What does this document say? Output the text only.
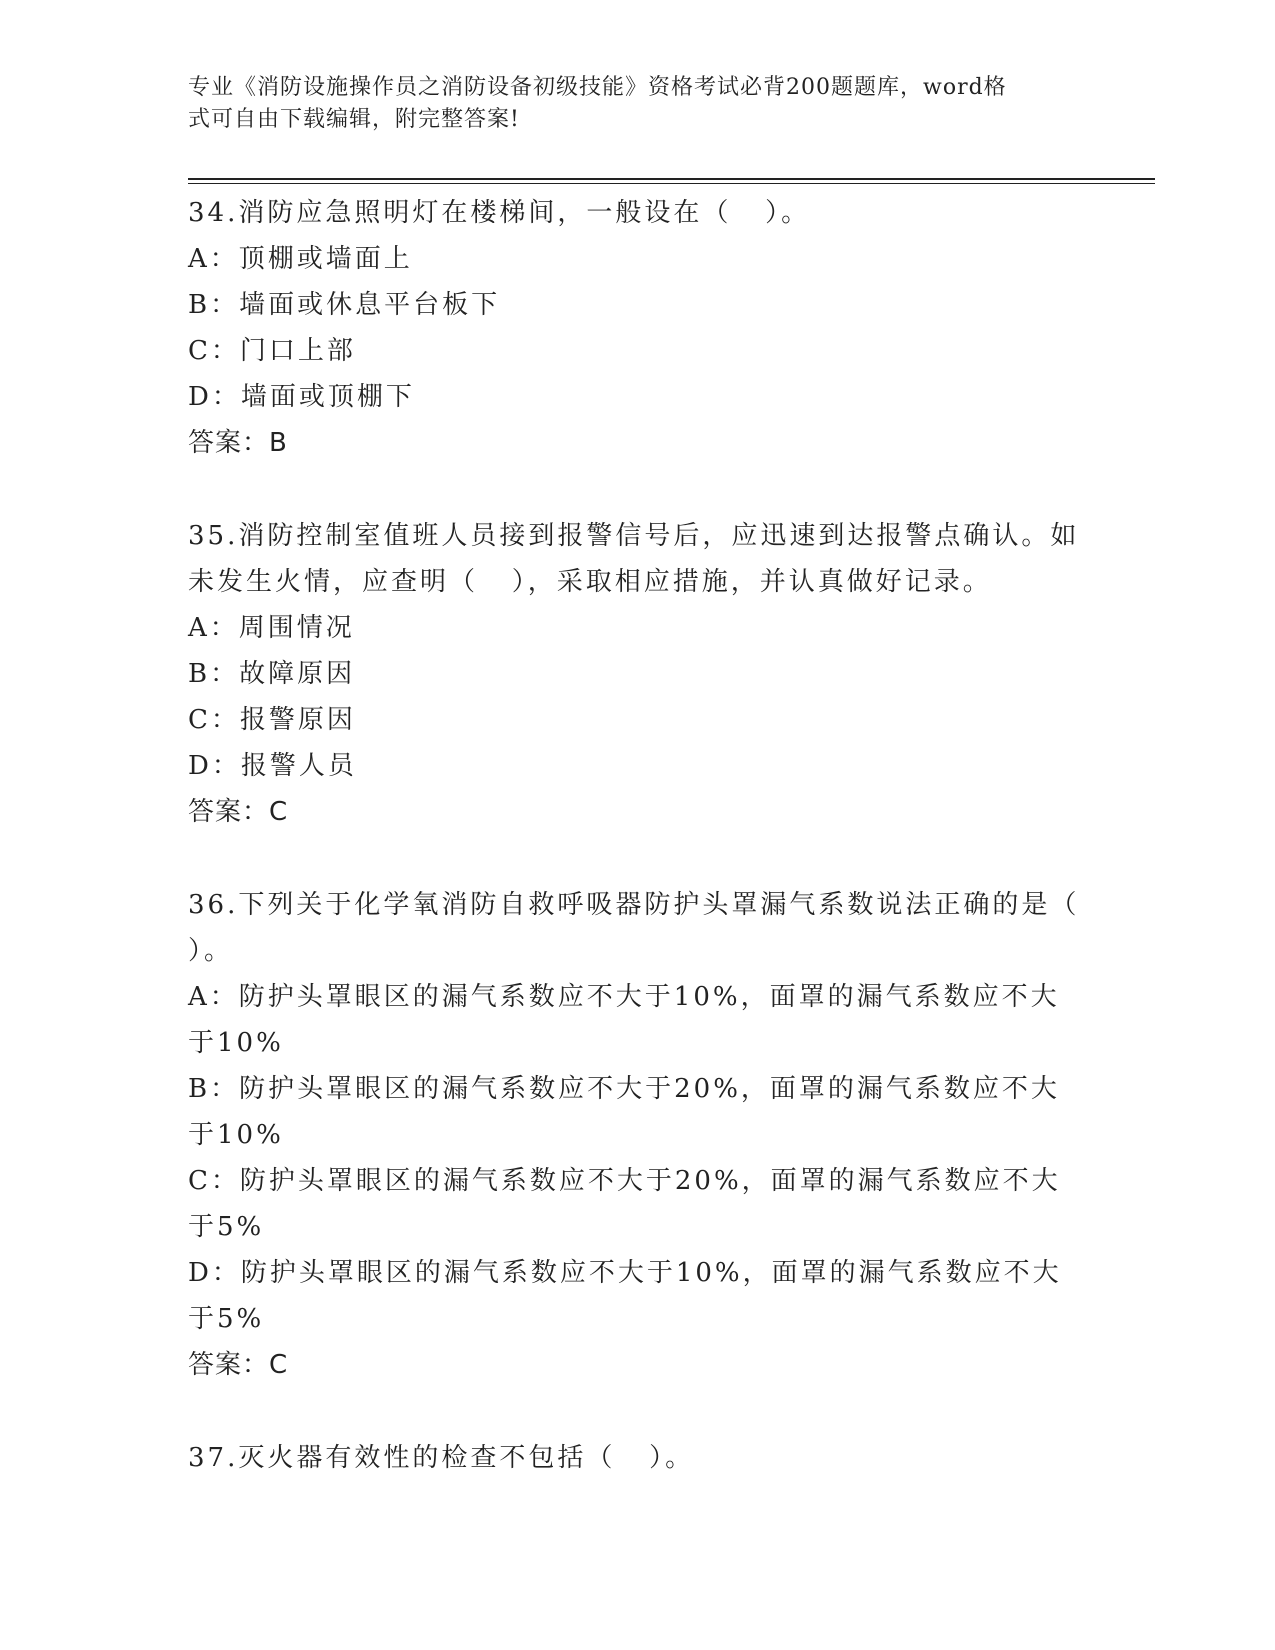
专业《消防设施操作员之消防设备初级技能》资格考试必背200题题库，word格
式可自由下载编辑，附完整答案!

34.消防应急照明灯在楼梯间，一般设在（   ）。

A：顶棚或墙面上

B：墙面或休息平台板下

C：门口上部

D：墙面或顶棚下

答案：B

35.消防控制室值班人员接到报警信号后，应迅速到达报警点确认。如未发生火情，应查明（   ），采取相应措施，并认真做好记录。

A：周围情况

B：故障原因

C：报警原因

D：报警人员

答案：C

36.下列关于化学氧消防自救呼吸器防护头罩漏气系数说法正确的是（   ）。

A：防护头罩眼区的漏气系数应不大于10%，面罩的漏气系数应不大于10%

B：防护头罩眼区的漏气系数应不大于20%，面罩的漏气系数应不大于10%

C：防护头罩眼区的漏气系数应不大于20%，面罩的漏气系数应不大于5%

D：防护头罩眼区的漏气系数应不大于10%，面罩的漏气系数应不大于5%

答案：C

37.灭火器有效性的检查不包括（   ）。
